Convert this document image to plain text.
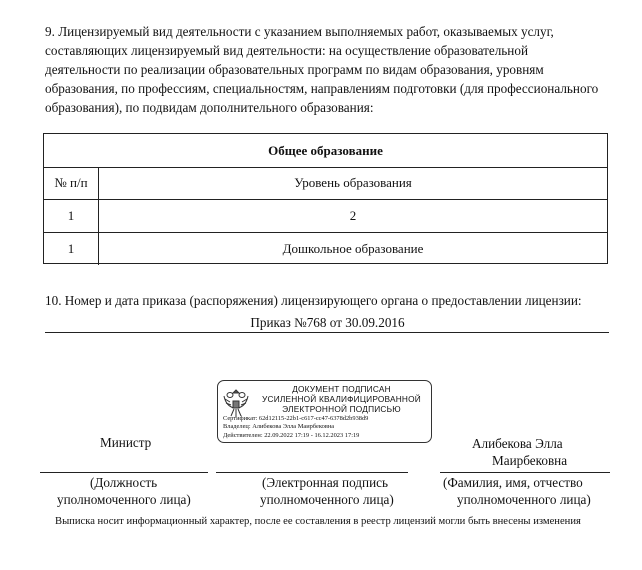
9. Лицензируемый вид деятельности с указанием выполняемых работ, оказываемых услуг, составляющих лицензируемый вид деятельности: на осуществление образовательной деятельности по реализации образовательных программ по видам образования, уровням образования, по профессиям, специальностям, направлениям подготовки (для профессионального образования), по подвидам дополнительного образования:
Общее образование
№ п/п	Уровень образования
1	2
1	Дошкольное образование
10. Номер и дата приказа (распоряжения) лицензирующего органа о предоставлении лицензии:
Приказ №768 от 30.09.2016
ДОКУМЕНТ ПОДПИСАН
УСИЛЕННОЙ КВАЛИФИЦИРОВАННОЙ
ЭЛЕКТРОННОЙ ПОДПИСЬЮ
Сертификат: 62d12115-22b1-c617-cc47-6378d2b938d9
Владелец: Алибекова Элла Маирбековна
Действителен: 22.09.2022 17:19 - 16.12.2023 17:19
Министр	Алибекова Элла
Маирбековна
(Должность
уполномоченного лица)
(Электронная подпись
уполномоченного лица)
(Фамилия, имя, отчество
уполномоченного лица)
Выписка носит информационный характер, после ее составления в реестр лицензий могли быть внесены изменения
